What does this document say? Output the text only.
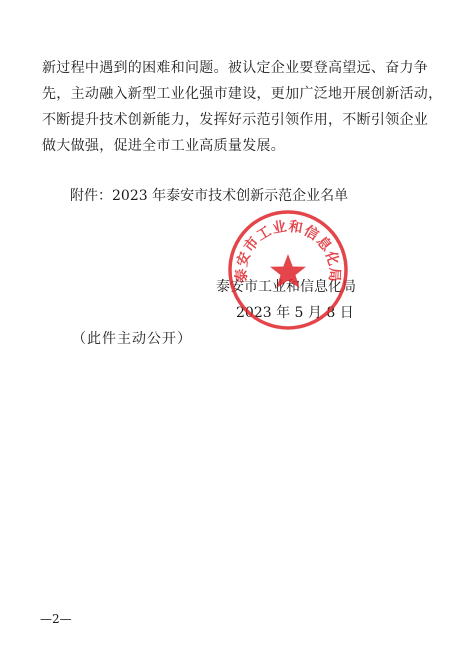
新过程中遇到的困难和问题。被认定企业要登高望远、奋力争
先，主动融入新型工业化强市建设，更加广泛地开展创新活动，
不断提升技术创新能力，发挥好示范引领作用，不断引领企业
做大做强，促进全市工业高质量发展。
附件：2023 年泰安市技术创新示范企业名单
泰安市工业和信息化局
2023 年 5 月 8 日
泰安市工业和信息化局
（此件主动公开）
—2—
